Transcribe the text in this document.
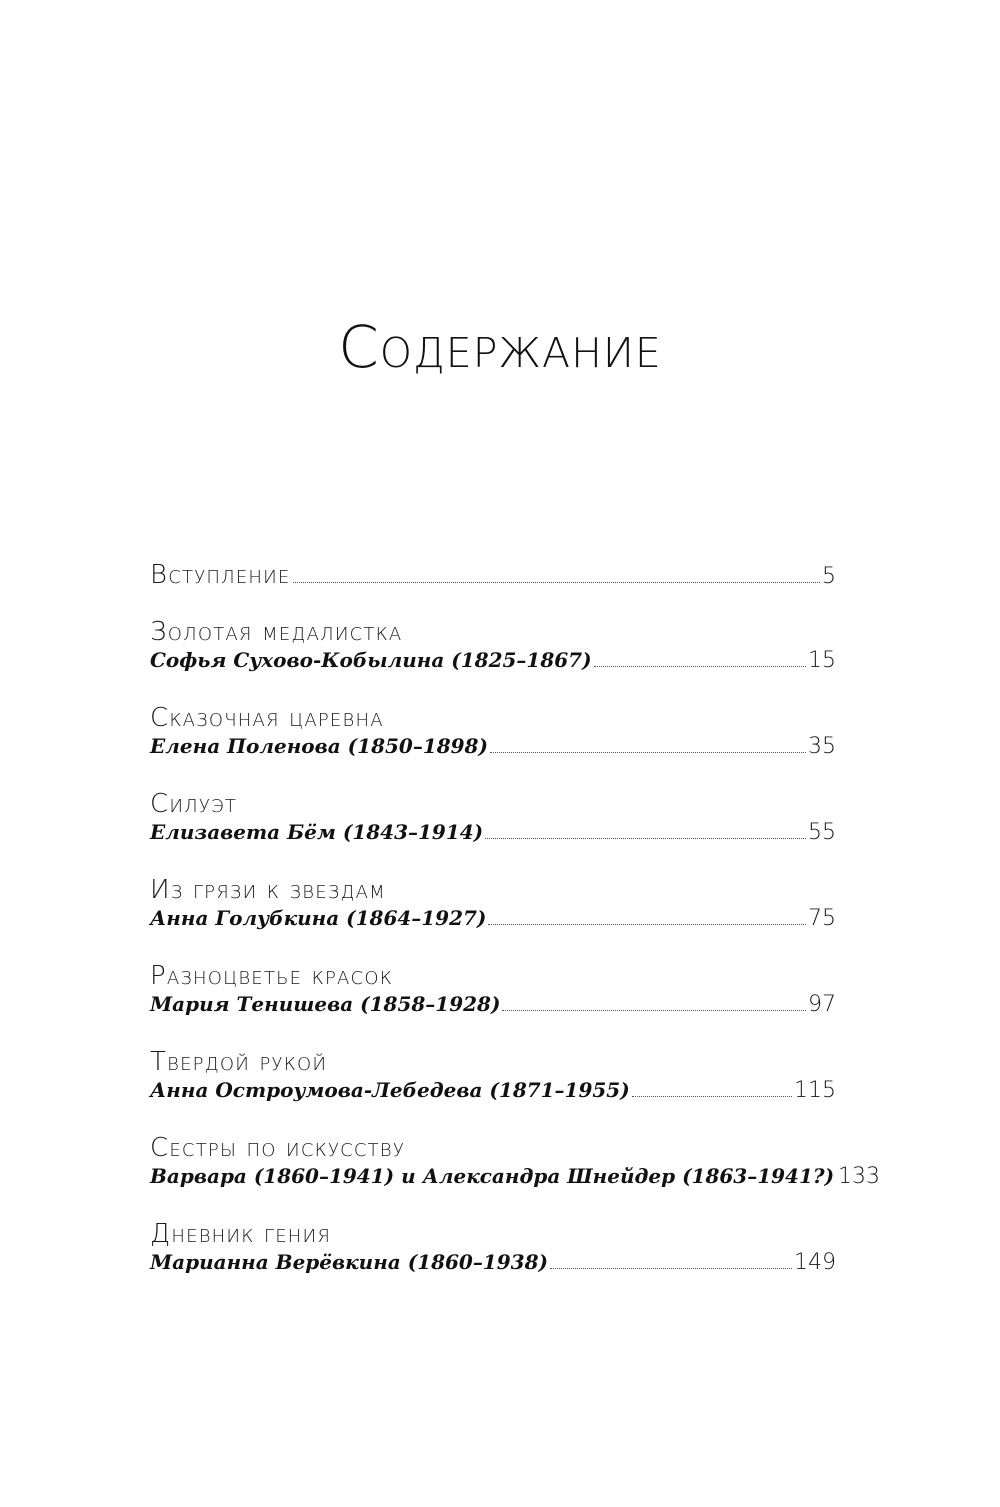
Содержание
Вступление	5
Золотая медалистка
Софья Сухово-Кобылина (1825–1867)	15
Сказочная царевна
Елена Поленова (1850–1898)	35
Силуэт
Елизавета Бём (1843–1914)	55
Из грязи к звездам
Анна Голубкина (1864–1927)	75
Разноцветье красок
Мария Тенишева (1858–1928)	97
Твердой рукой
Анна Остроумова-Лебедева (1871–1955)	115
Сестры по искусству
Варвара (1860–1941) и Александра Шнейдер (1863–1941?) 133
Дневник гения
Марианна Верёвкина (1860–1938)	149
